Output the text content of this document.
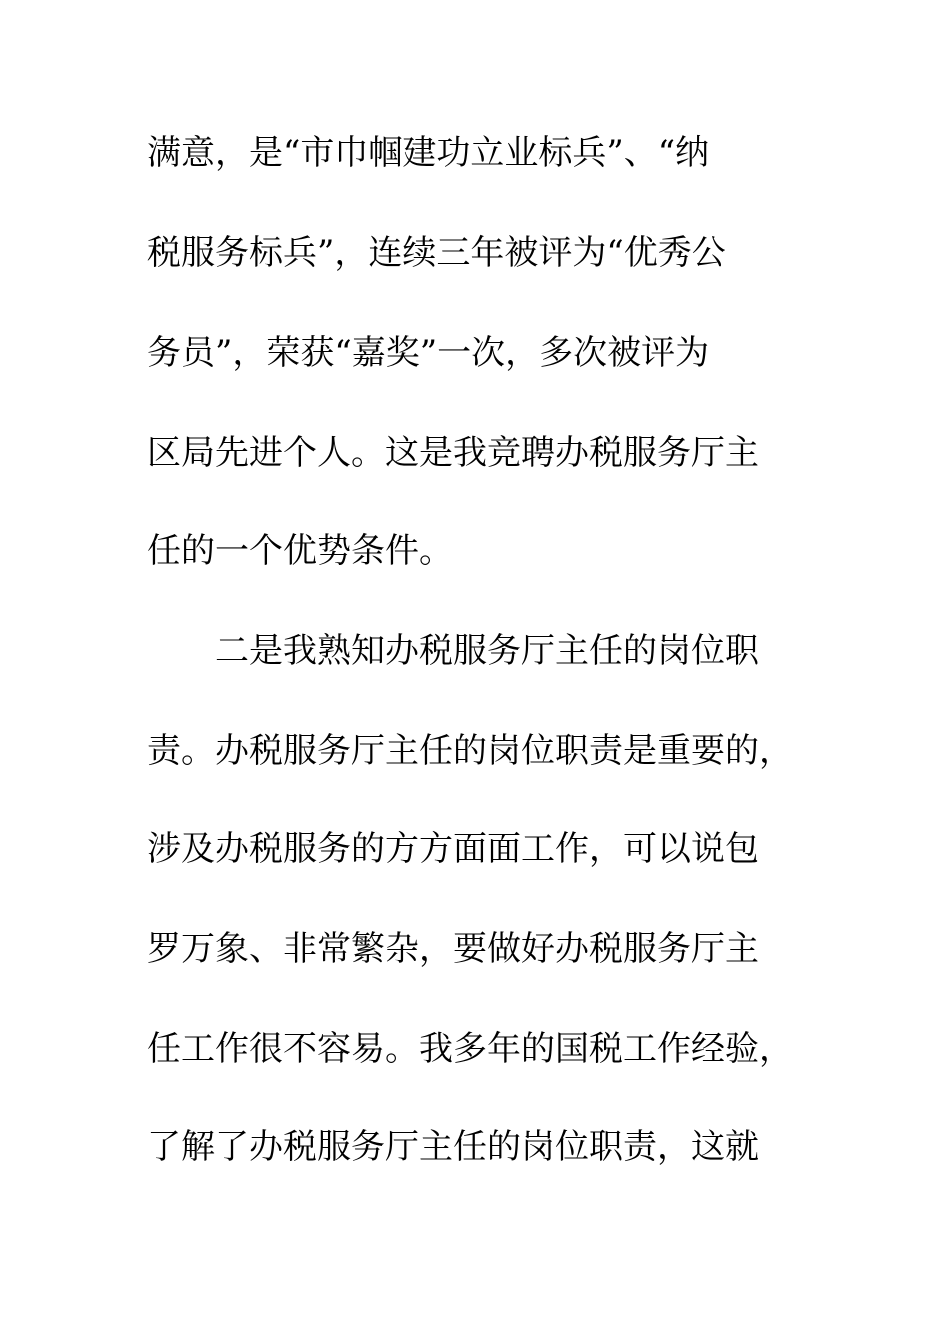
满意，是“市巾帼建功立业标兵”、“纳
税服务标兵”，连续三年被评为“优秀公
务员”，荣获“嘉奖”一次，多次被评为
区局先进个人。这是我竞聘办税服务厅主
任的一个优势条件。
二是我熟知办税服务厅主任的岗位职
责。办税服务厅主任的岗位职责是重要的，
涉及办税服务的方方面面工作，可以说包
罗万象、非常繁杂，要做好办税服务厅主
任工作很不容易。我多年的国税工作经验，
了解了办税服务厅主任的岗位职责，这就
